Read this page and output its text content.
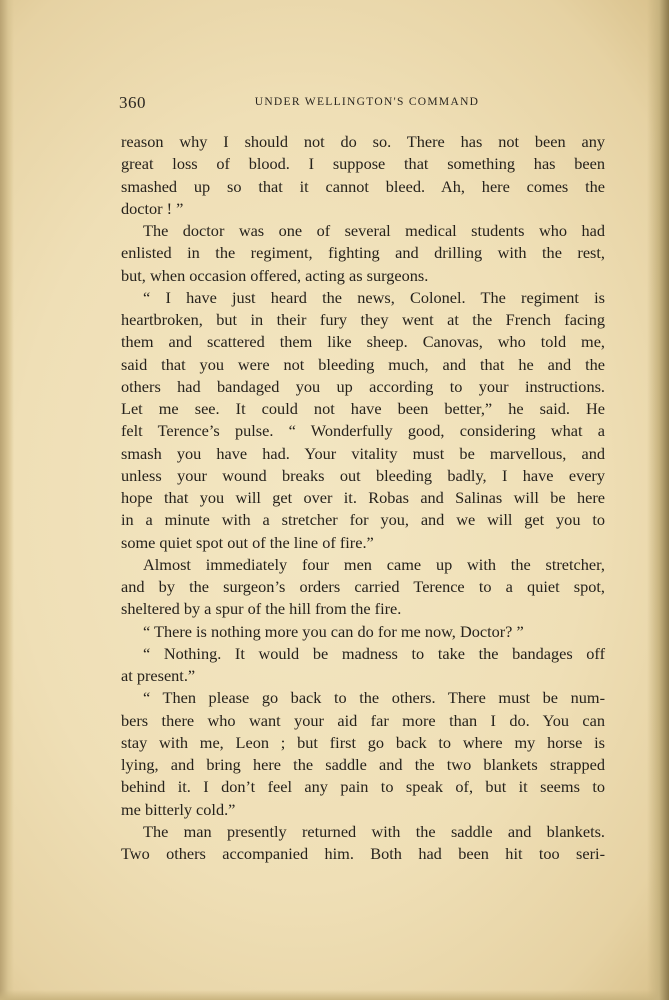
360	UNDER WELLINGTON'S COMMAND
reason why I should not do so. There has not been any
great loss of blood. I suppose that something has been
smashed up so that it cannot bleed. Ah, here comes the
doctor ! ”
The doctor was one of several medical students who had
enlisted in the regiment, fighting and drilling with the rest,
but, when occasion offered, acting as surgeons.
“ I have just heard the news, Colonel. The regiment is
heartbroken, but in their fury they went at the French facing
them and scattered them like sheep. Canovas, who told me,
said that you were not bleeding much, and that he and the
others had bandaged you up according to your instructions.
Let me see. It could not have been better,” he said. He
felt Terence’s pulse. “ Wonderfully good, considering what a
smash you have had. Your vitality must be marvellous, and
unless your wound breaks out bleeding badly, I have every
hope that you will get over it. Robas and Salinas will be here
in a minute with a stretcher for you, and we will get you to
some quiet spot out of the line of fire.”
Almost immediately four men came up with the stretcher,
and by the surgeon’s orders carried Terence to a quiet spot,
sheltered by a spur of the hill from the fire.
“ There is nothing more you can do for me now, Doctor? ”
“ Nothing. It would be madness to take the bandages off
at present.”
“ Then please go back to the others. There must be num-
bers there who want your aid far more than I do. You can
stay with me, Leon ; but first go back to where my horse is
lying, and bring here the saddle and the two blankets strapped
behind it. I don’t feel any pain to speak of, but it seems to
me bitterly cold.”
The man presently returned with the saddle and blankets.
Two others accompanied him. Both had been hit too seri-
